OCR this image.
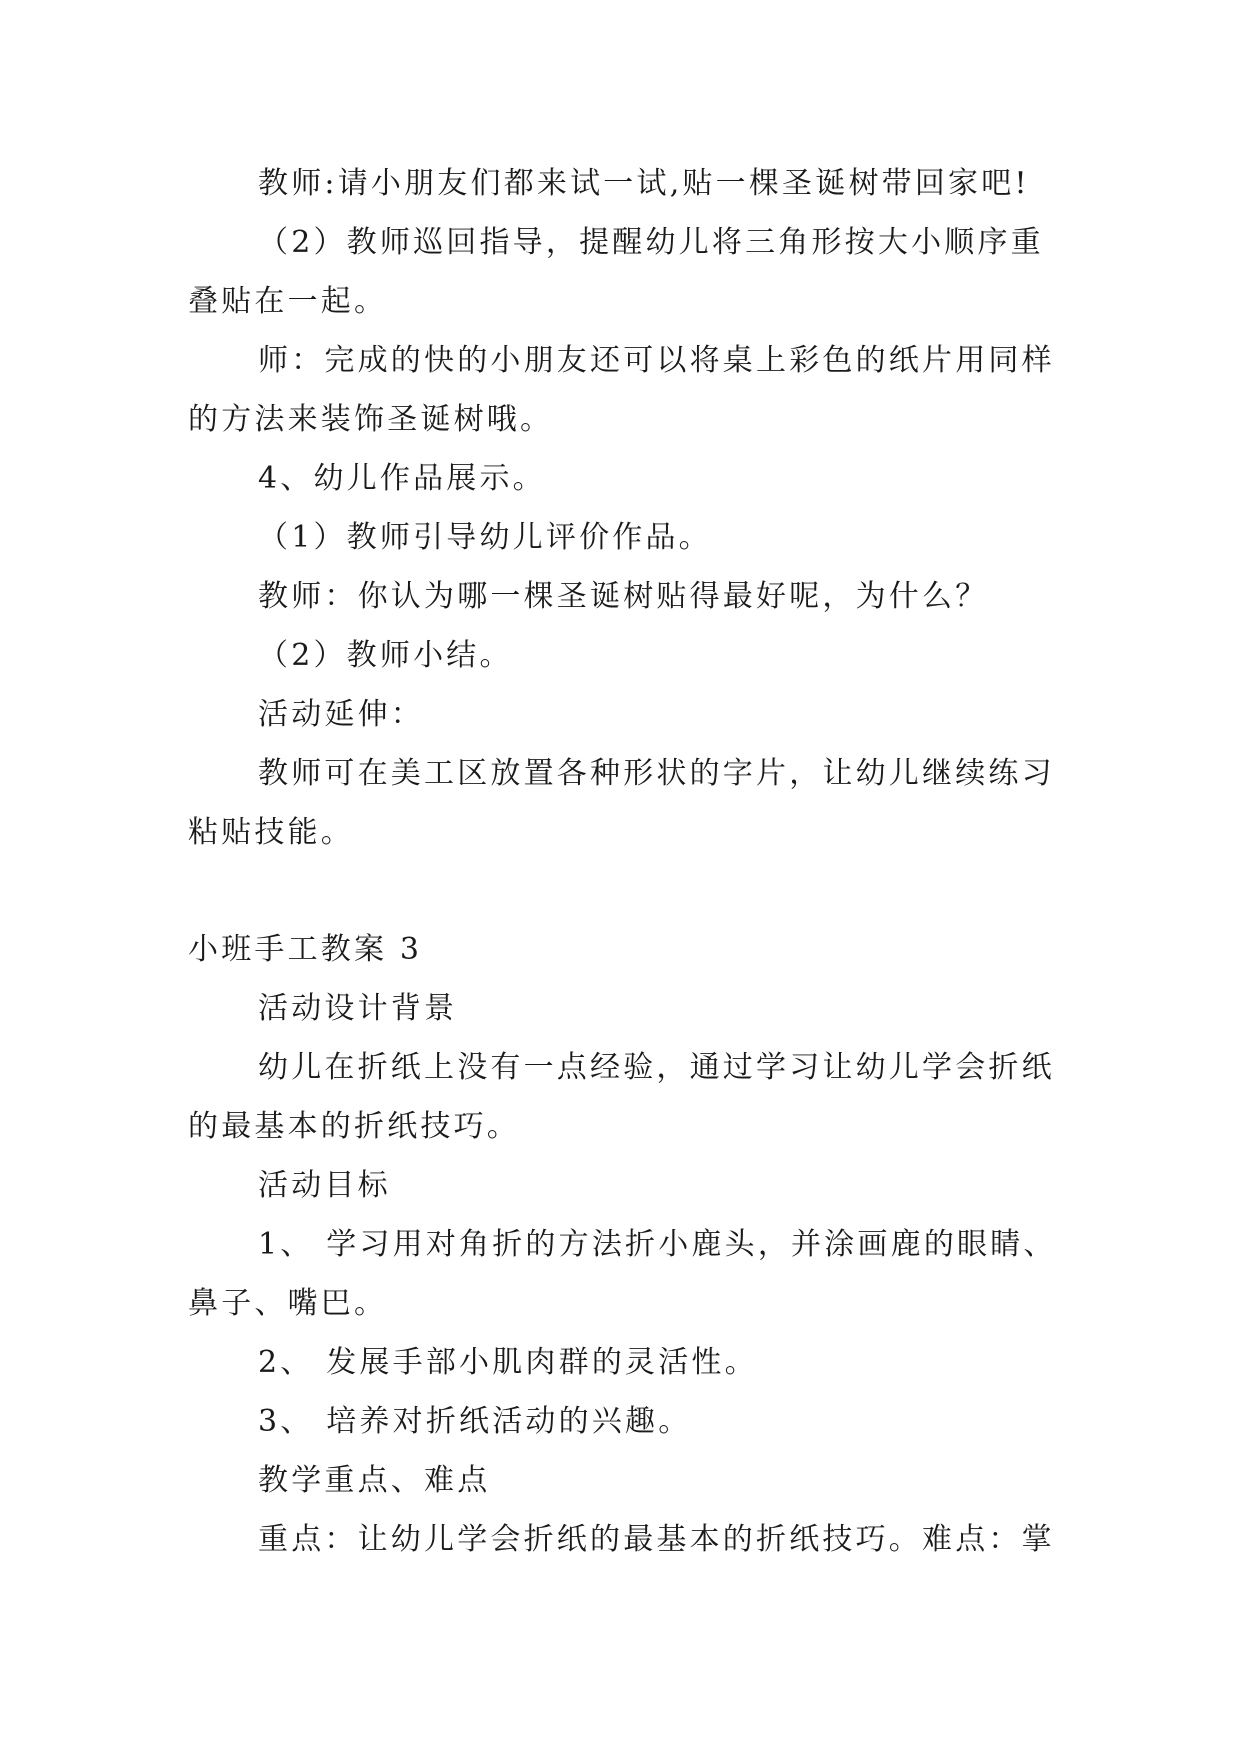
教师:请小朋友们都来试一试,贴一棵圣诞树带回家吧!
（2）教师巡回指导，提醒幼儿将三角形按大小顺序重
叠贴在一起。
师：完成的快的小朋友还可以将桌上彩色的纸片用同样
的方法来装饰圣诞树哦。
4、幼儿作品展示。
（1）教师引导幼儿评价作品。
教师：你认为哪一棵圣诞树贴得最好呢，为什么？
（2）教师小结。
活动延伸：
教师可在美工区放置各种形状的字片，让幼儿继续练习
粘贴技能。
小班手工教案 3
活动设计背景
幼儿在折纸上没有一点经验，通过学习让幼儿学会折纸
的最基本的折纸技巧。
活动目标
1、 学习用对角折的方法折小鹿头，并涂画鹿的眼睛、
鼻子、嘴巴。
2、 发展手部小肌肉群的灵活性。
3、 培养对折纸活动的兴趣。
教学重点、难点
重点：让幼儿学会折纸的最基本的折纸技巧。难点：掌
